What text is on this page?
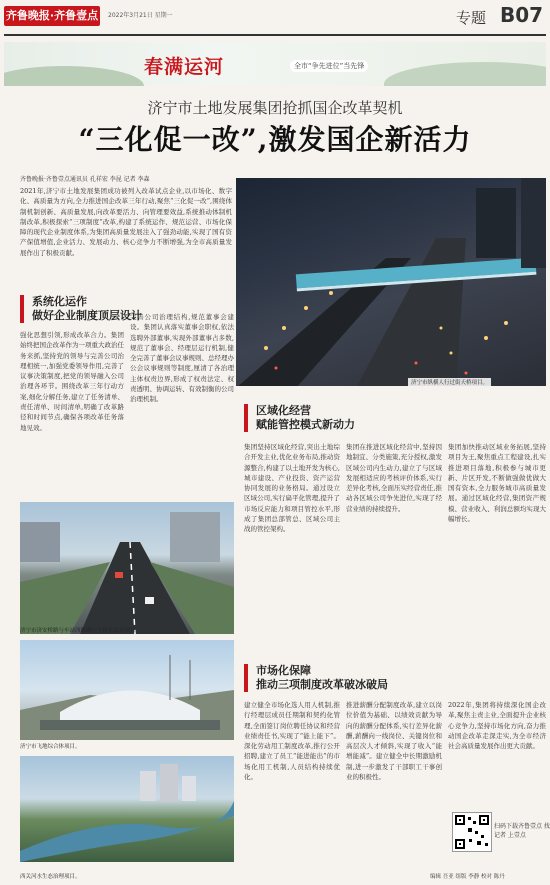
齐鲁晚报·齐鲁壹点	2022年3月21日 星期一	专题 B07
春满运河	全市“争先进位”当先锋
济宁市土地发展集团抢抓国企改革契机
“三化促一改”,激发国企新活力
齐鲁晚报·齐鲁壹点通讯员 孔祥宏 李昆 记者 李森

2021年,济宁市土地发展集团成功被列入改革试点企业,以市场化、数字化、高质量为方向,全力推进国企改革三年行动,聚焦“三化促一改”,围绕体制机制创新、高质量发展,向改革要活力、向管理要效益,系统推动体制机制改革,积极探索“三项制度”改革,构建了系统运作、规范运营、市场化保障的现代企业制度体系,为集团高质量发展注入了强劲动能,实现了国有资产保值增值,企业活力、发展动力、核心竞争力不断增强,为全市高质量发展作出了积极贡献。

济宁市纵横人行过街天桥项目。
系统化运作
做好企业制度顶层设计

强化思想引领,形成改革合力。集团始终把国企改革作为一项重大政治任务来抓,坚持党的领导与完善公司治理相统一,加强党委领导作用,完善了议事决策制度,把党的领导融入公司治理各环节。围绕改革三年行动方案,细化分解任务,建立了任务清单、责任清单、时间清单,明确了改革路径和时间节点,确保各项改革任务落地见效。

完善公司治理结构,规范董事会建设。集团认真落实董事会职权,依法选聘外部董事,实现外部董事占多数,规范了董事会、经理层运行机制,健全完善了董事会议事规则、总经理办公会议事规则等制度,厘清了各治理主体权责边界,形成了权责法定、权责透明、协调运转、有效制衡的公司治理机制。

济宁市济安桥路与车站西路路口立体化改造项目。
济宁市飞地综合体项目。
西关河水生态治理项目。
区域化经营
赋能管控模式新动力

集团坚持区域化经营,突出土地综合开发主业,优化业务布局,推动资源整合,构建了以土地开发为核心,城市建设、产业投资、资产运营协同发展的业务格局。通过设立区域公司,实行扁平化管理,提升了市场反应能力和项目管控水平,形成了集团总部管总、区域公司主战的管控架构。

集团在推进区域化经营中,坚持因地制宜、分类施策,充分授权,激发区域公司内生动力,建立了与区域发展相适应的考核评价体系,实行差异化考核,全面压实经营责任,推动各区域公司争先进位,实现了经营业绩的持续提升。

集团加快推动区域业务拓展,坚持项目为王,聚焦重点工程建设,扎实推进项目落地,积极参与城市更新、片区开发,不断做强做优做大国有资本,全力服务城市高质量发展。通过区域化经营,集团资产规模、营业收入、利润总额均实现大幅增长。

市场化保障
推动三项制度改革破冰破局

建立健全市场化选人用人机制,推行经理层成员任期制和契约化管理,全面签订岗位聘任协议和经营业绩责任书,实现了“能上能下”。深化劳动用工制度改革,推行公开招聘,建立了员工“能进能出”的市场化用工机制,人员结构持续优化。

推进薪酬分配制度改革,建立以岗位价值为基础、以绩效贡献为导向的薪酬分配体系,实行差异化薪酬,薪酬向一线岗位、关键岗位和高层次人才倾斜,实现了收入“能增能减”。建立健全中长期激励机制,进一步激发了干部职工干事创业的积极性。

2022年,集团将持续深化国企改革,聚焦主责主业,全面提升企业核心竞争力,坚持市场化方向,奋力推动国企改革走深走实,为全市经济社会高质量发展作出更大贡献。

扫码下载齐鲁壹点 找记者 上壹点
编辑 吾亚 组版 李静 校对 陈丹
